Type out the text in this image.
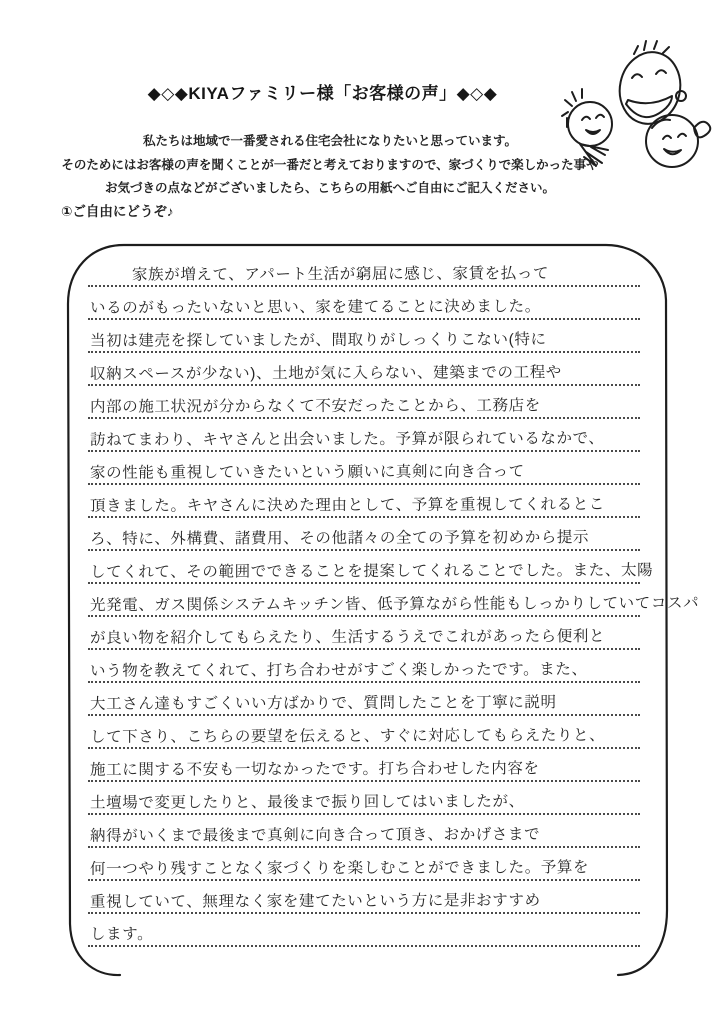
◆◇◆KIYAファミリー様「お客様の声」◆◇◆
私たちは地域で一番愛される住宅会社になりたいと思っています。
そのためにはお客様の声を聞くことが一番だと考えておりますので、家づくりで楽しかった事や
お気づきの点などがございましたら、こちらの用紙へご自由にご記入ください。
①ご自由にどうぞ♪
家族が増えて、アパート生活が窮屈に感じ、家賃を払って
いるのがもったいないと思い、家を建てることに決めました。
当初は建売を探していましたが、間取りがしっくりこない(特に
収納スペースが少ない)、土地が気に入らない、建築までの工程や
内部の施工状況が分からなくて不安だったことから、工務店を
訪ねてまわり、キヤさんと出会いました。予算が限られているなかで、
家の性能も重視していきたいという願いに真剣に向き合って
頂きました。キヤさんに決めた理由として、予算を重視してくれるとこ
ろ、特に、外構費、諸費用、その他諸々の全ての予算を初めから提示
してくれて、その範囲でできることを提案してくれることでした。また、太陽
光発電、ガス関係システムキッチン皆、低予算ながら性能もしっかりしていてコスパ
が良い物を紹介してもらえたり、生活するうえでこれがあったら便利と
いう物を教えてくれて、打ち合わせがすごく楽しかったです。また、
大工さん達もすごくいい方ばかりで、質問したことを丁寧に説明
して下さり、こちらの要望を伝えると、すぐに対応してもらえたりと、
施工に関する不安も一切なかったです。打ち合わせした内容を
土壇場で変更したりと、最後まで振り回してはいましたが、
納得がいくまで最後まで真剣に向き合って頂き、おかげさまで
何一つやり残すことなく家づくりを楽しむことができました。予算を
重視していて、無理なく家を建てたいという方に是非おすすめ
します。
